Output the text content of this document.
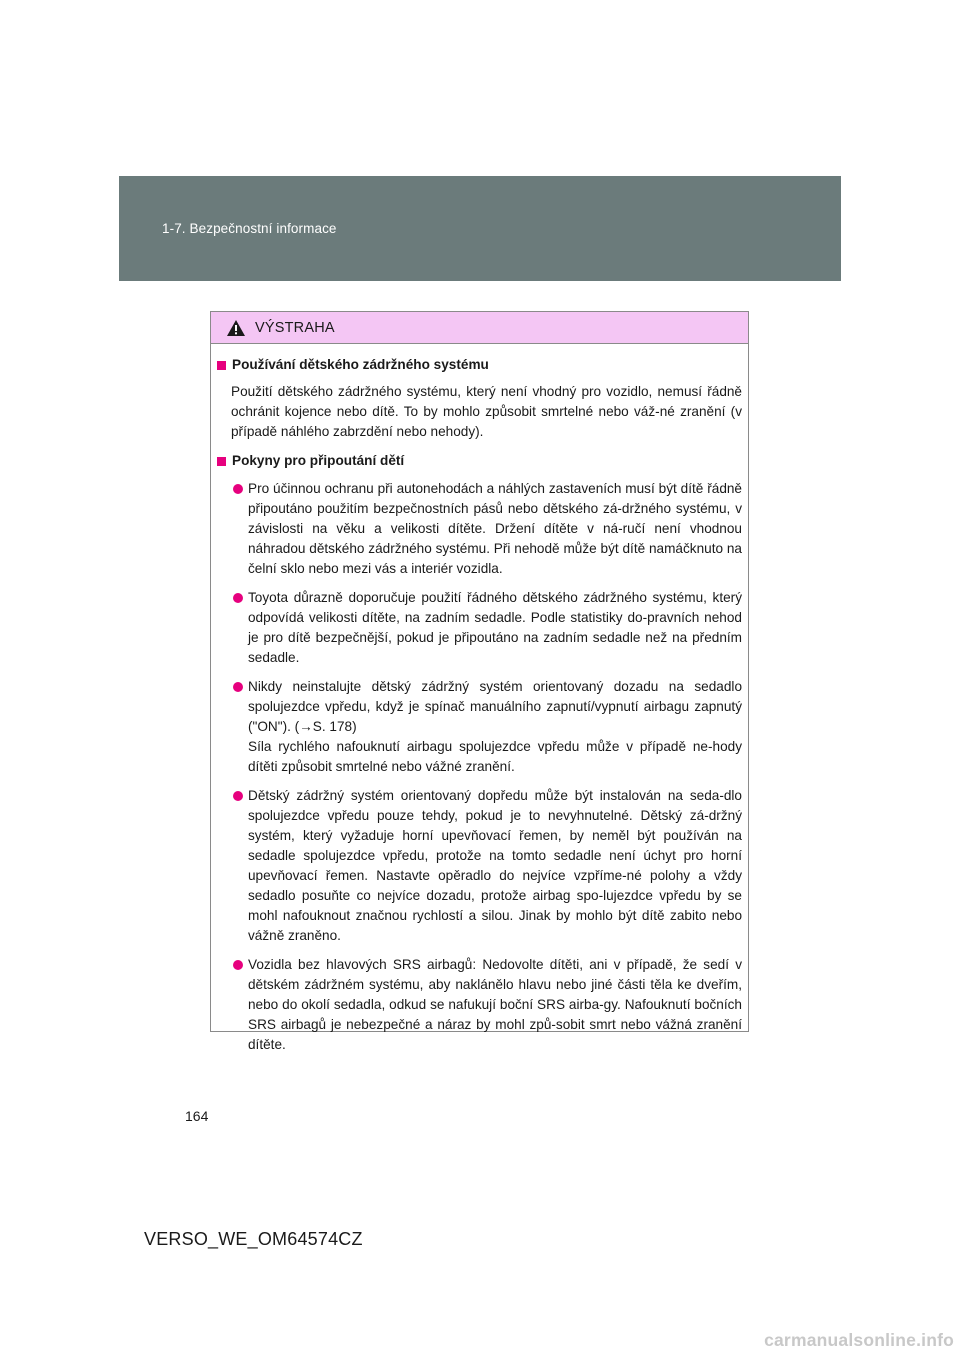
1-7. Bezpečnostní informace
VÝSTRAHA
Používání dětského zádržného systému
Použití dětského zádržného systému, který není vhodný pro vozidlo, nemusí řádně ochránit kojence nebo dítě. To by mohlo způsobit smrtelné nebo váž-né zranění (v případě náhlého zabrzdění nebo nehody).
Pokyny pro připoutání dětí
Pro účinnou ochranu při autonehodách a náhlých zastaveních musí být dítě řádně připoutáno použitím bezpečnostních pásů nebo dětského zá-držného systému, v závislosti na věku a velikosti dítěte. Držení dítěte v ná-ručí není vhodnou náhradou dětského zádržného systému. Při nehodě může být dítě namáčknuto na čelní sklo nebo mezi vás a interiér vozidla.
Toyota důrazně doporučuje použití řádného dětského zádržného systému, který odpovídá velikosti dítěte, na zadním sedadle. Podle statistiky do-pravních nehod je pro dítě bezpečnější, pokud je připoutáno na zadním sedadle než na předním sedadle.
Nikdy neinstalujte dětský zádržný systém orientovaný dozadu na sedadlo spolujezdce vpředu, když je spínač manuálního zapnutí/vypnutí airbagu zapnutý ("ON"). (→S. 178)
Síla rychlého nafouknutí airbagu spolujezdce vpředu může v případě ne-hody dítěti způsobit smrtelné nebo vážné zranění.
Dětský zádržný systém orientovaný dopředu může být instalován na seda-dlo spolujezdce vpředu pouze tehdy, pokud je to nevyhnutelné. Dětský zá-držný systém, který vyžaduje horní upevňovací řemen, by neměl být používán na sedadle spolujezdce vpředu, protože na tomto sedadle není úchyt pro horní upevňovací řemen. Nastavte opěradlo do nejvíce vzpříme-né polohy a vždy sedadlo posuňte co nejvíce dozadu, protože airbag spo-lujezdce vpředu by se mohl nafouknout značnou rychlostí a silou. Jinak by mohlo být dítě zabito nebo vážně zraněno.
Vozidla bez hlavových SRS airbagů: Nedovolte dítěti, ani v případě, že sedí v dětském zádržném systému, aby naklánělo hlavu nebo jiné části těla ke dveřím, nebo do okolí sedadla, odkud se nafukují boční SRS airba-gy. Nafouknutí bočních SRS airbagů je nebezpečné a náraz by mohl způ-sobit smrt nebo vážná zranění dítěte.
164
VERSO_WE_OM64574CZ
carmanualsonline.info
